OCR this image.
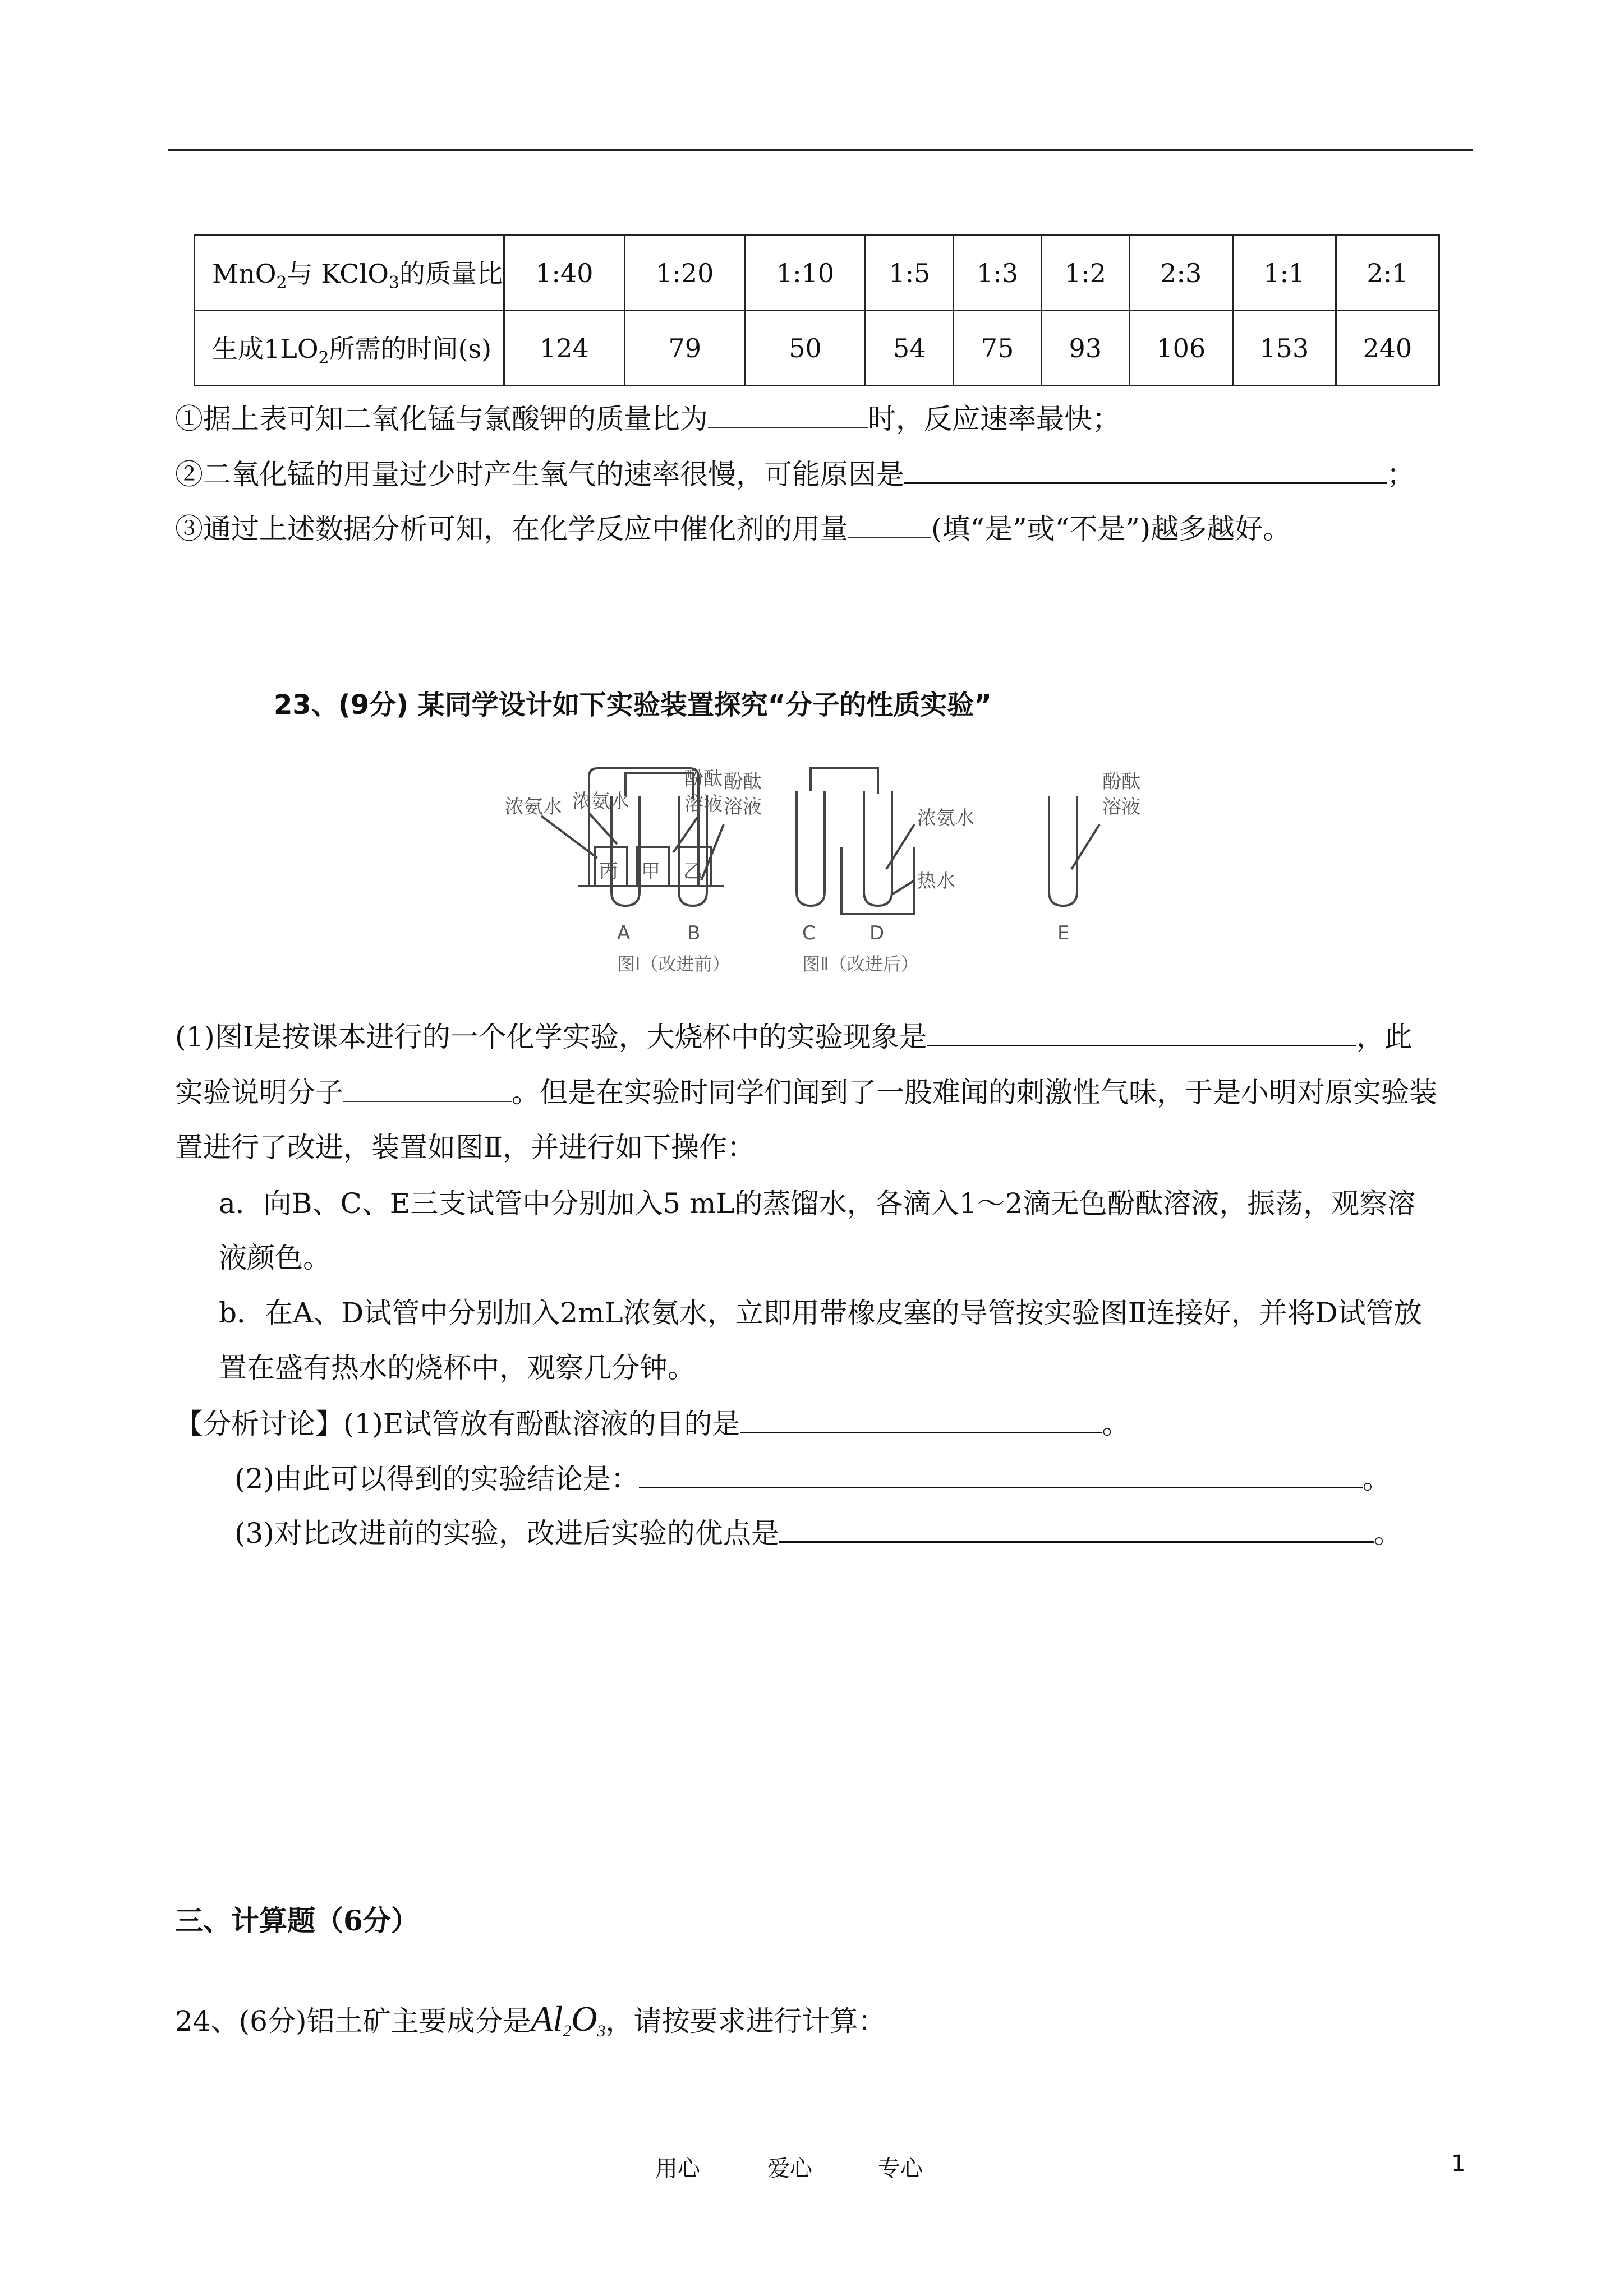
MnO$_2$与 KClO$_3$的质量比	1:40	1:20	1:10	1:5	1:3	1:2	2:3	1:1	2:1
生成$1LO_2$所需的时间(s)	124	79	50	54	75	93	106	153	240
①据上表可知二氧化锰与氯酸钾的质量比为	时，反应速率最快；
②二氧化锰的用量过少时产生氧气的速率很慢，可能原因是	；
③通过上述数据分析可知，在化学反应中催化剂的用量	(填“是”或“不是”)越多越好。
23、(9分) 某同学设计如下实验装置探究“分子的性质实验”
浓氨水
酚酞
溶液
丙 甲 乙
图Ⅰ（改进前）
浓氨水
酚酞
溶液	浓氨水
热水
酚酞
溶液
A	B	C	D	E
图Ⅱ（改进后）
(1)图Ⅰ是按课本进行的一个化学实验，大烧杯中的实验现象是	，此
实验说明分子	。但是在实验时同学们闻到了一股难闻的刺激性气味，于是小明对原实验装
置进行了改进，装置如图Ⅱ，并进行如下操作：
a．向B、C、E三支试管中分别加入5 mL的蒸馏水，各滴入1～2滴无色酚酞溶液，振荡，观察溶
液颜色。
b．在A、D试管中分别加入2mL浓氨水，立即用带橡皮塞的导管按实验图Ⅱ连接好，并将D试管放
置在盛有热水的烧杯中，观察几分钟。
【分析讨论】(1)E试管放有酚酞溶液的目的是	。
(2)由此可以得到的实验结论是：	。
(3)对比改进前的实验，改进后实验的优点是	。
三、计算题（6分）
24、(6分)铝土矿主要成分是$Al_2O_3$，请按要求进行计算：
用心	爱心	专心	1
